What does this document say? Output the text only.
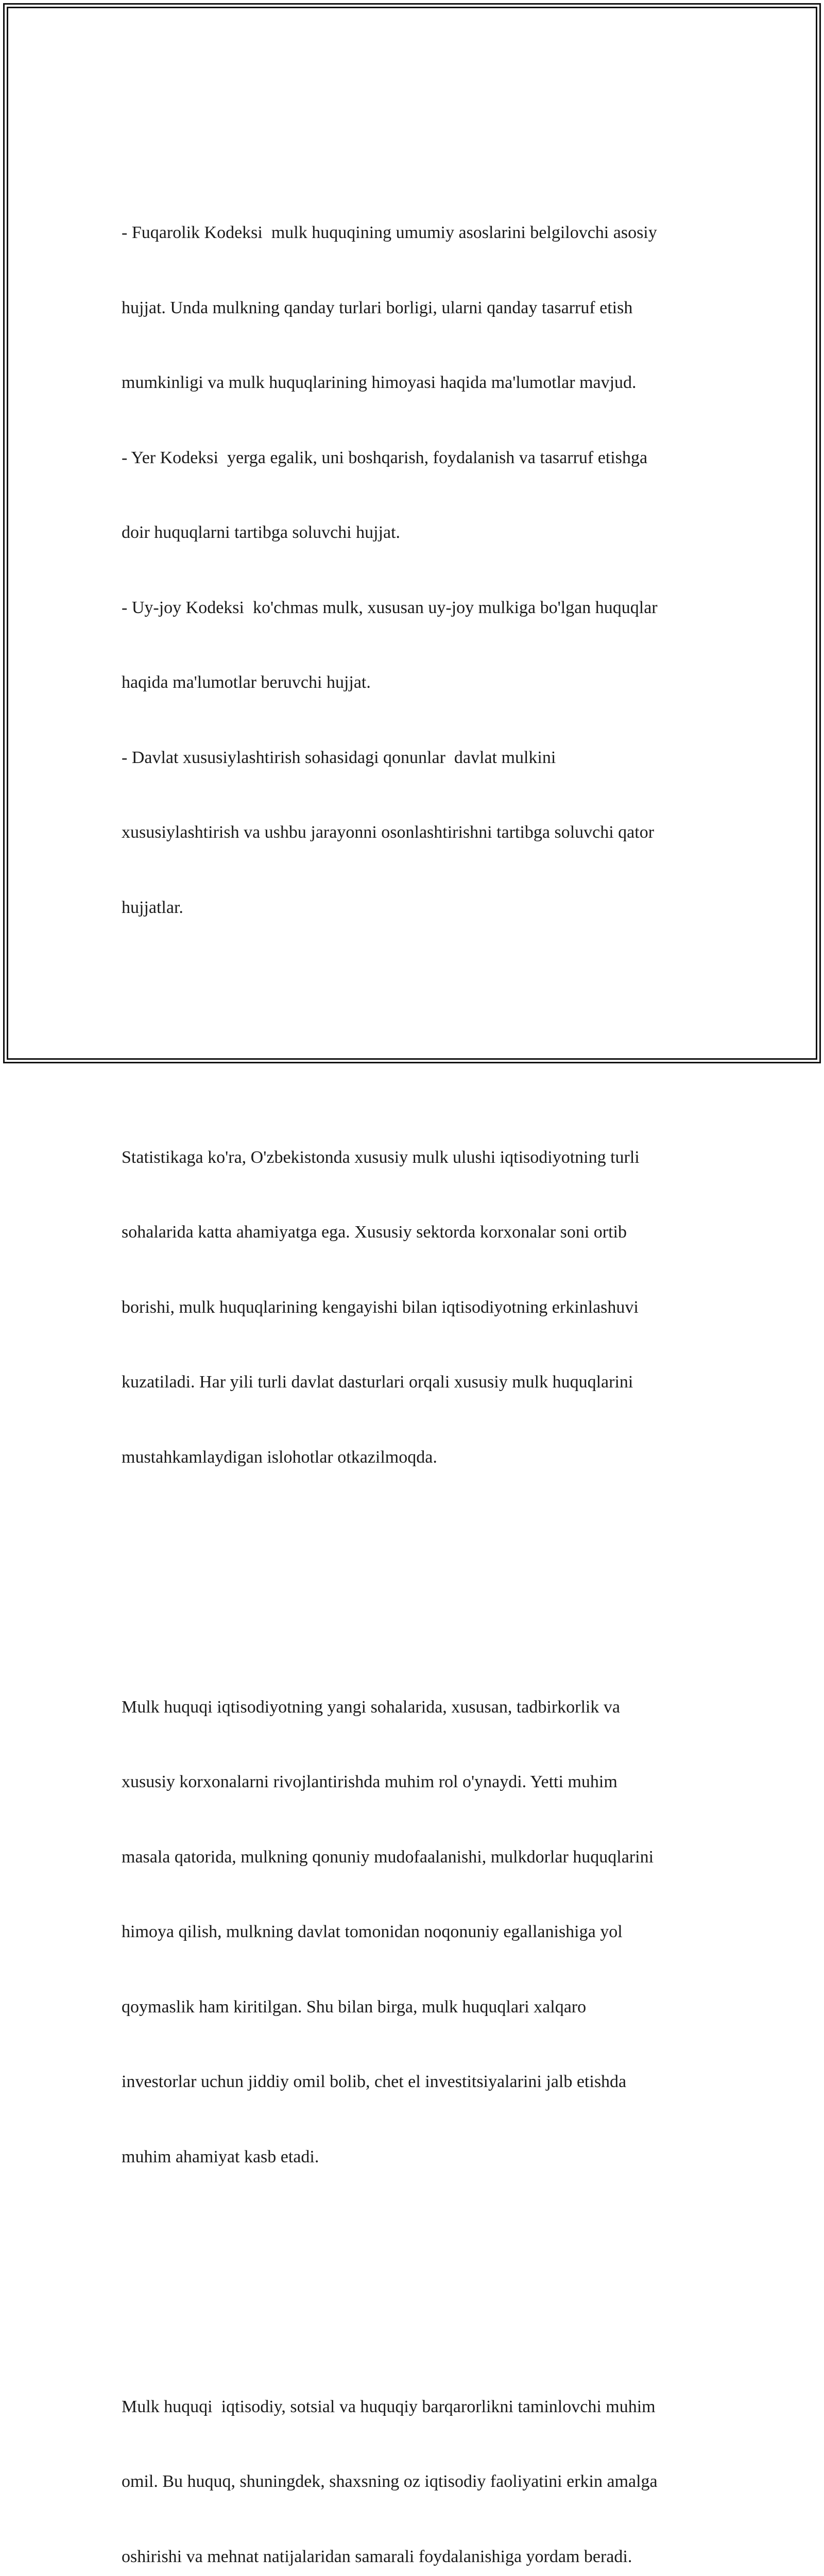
- Fuqarolik Kodeksi  mulk huquqining umumiy asoslarini belgilovchi asosiy

hujjat. Unda mulkning qanday turlari borligi, ularni qanday tasarruf etish

mumkinligi va mulk huquqlarining himoyasi haqida ma'lumotlar mavjud.

- Yer Kodeksi  yerga egalik, uni boshqarish, foydalanish va tasarruf etishga

doir huquqlarni tartibga soluvchi hujjat.

- Uy-joy Kodeksi  ko'chmas mulk, xususan uy-joy mulkiga bo'lgan huquqlar

haqida ma'lumotlar beruvchi hujjat.

- Davlat xususiylashtirish sohasidagi qonunlar  davlat mulkini

xususiylashtirish va ushbu jarayonni osonlashtirishni tartibga soluvchi qator

hujjatlar.

Statistikaga ko'ra, O'zbekistonda xususiy mulk ulushi iqtisodiyotning turli

sohalarida katta ahamiyatga ega. Xususiy sektorda korxonalar soni ortib

borishi, mulk huquqlarining kengayishi bilan iqtisodiyotning erkinlashuvi

kuzatiladi. Har yili turli davlat dasturlari orqali xususiy mulk huquqlarini

mustahkamlaydigan islohotlar otkazilmoqda.

Mulk huquqi iqtisodiyotning yangi sohalarida, xususan, tadbirkorlik va

xususiy korxonalarni rivojlantirishda muhim rol o'ynaydi. Yetti muhim

masala qatorida, mulkning qonuniy mudofaalanishi, mulkdorlar huquqlarini

himoya qilish, mulkning davlat tomonidan noqonuniy egallanishiga yol

qoymaslik ham kiritilgan. Shu bilan birga, mulk huquqlari xalqaro

investorlar uchun jiddiy omil bolib, chet el investitsiyalarini jalb etishda

muhim ahamiyat kasb etadi.

Mulk huquqi  iqtisodiy, sotsial va huquqiy barqarorlikni taminlovchi muhim

omil. Bu huquq, shuningdek, shaxsning oz iqtisodiy faoliyatini erkin amalga

oshirishi va mehnat natijalaridan samarali foydalanishiga yordam beradi.
